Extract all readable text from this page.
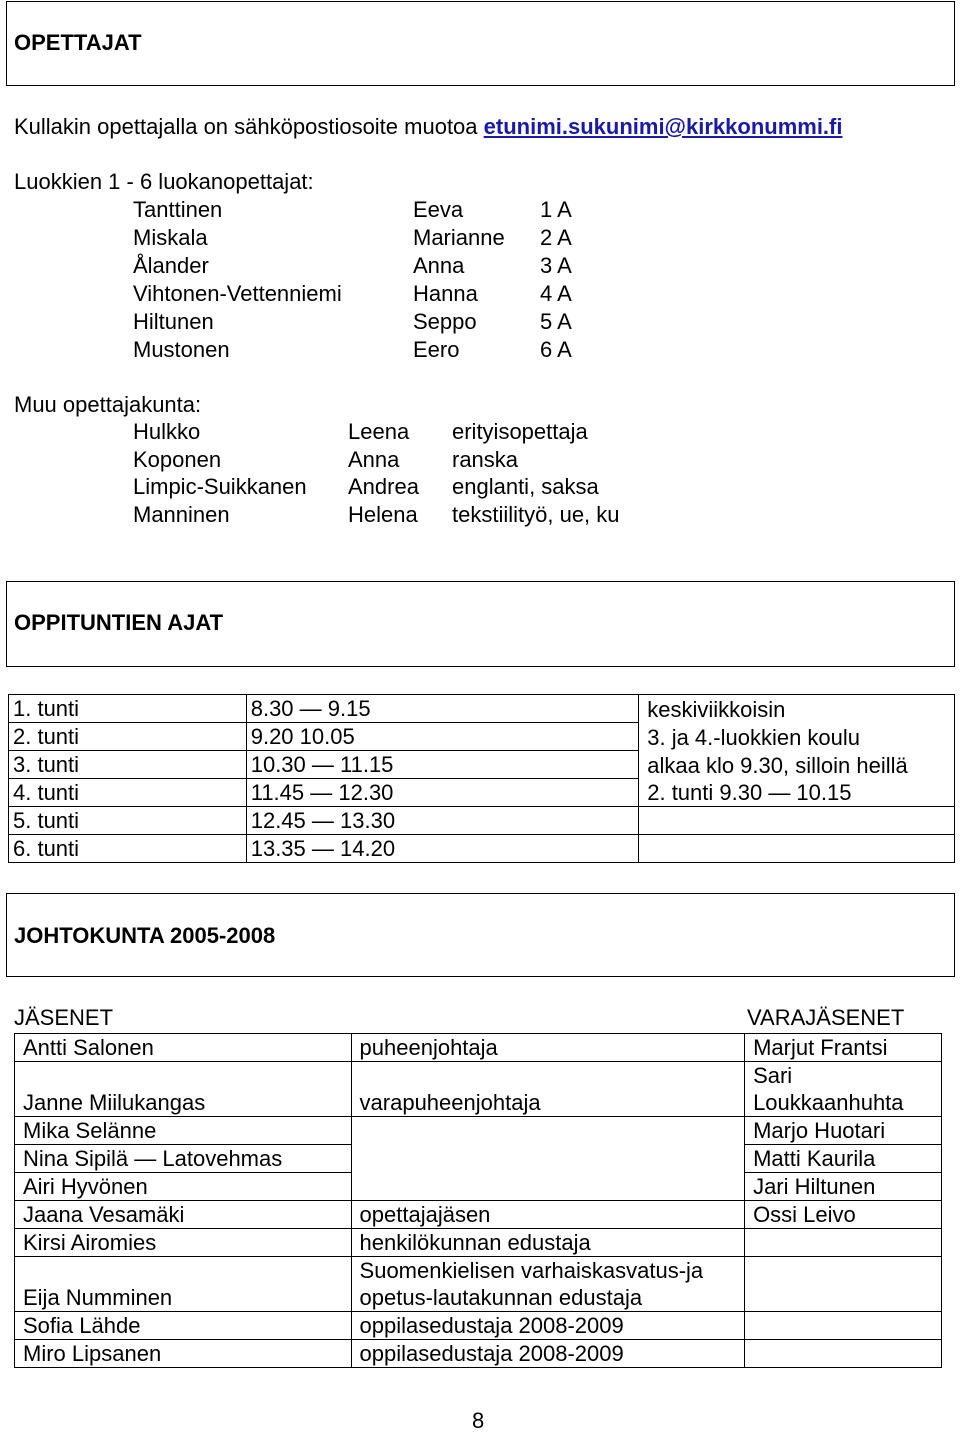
OPETTAJAT
Kullakin opettajalla on sähköpostiosoite muotoa etunimi.sukunimi@kirkkonummi.fi
Luokkien 1 - 6 luokanopettajat:
Tanttinen	Eeva	1 A
Miskala	Marianne 2 A
Ålander	Anna	3 A
Vihtonen-Vettenniemi	Hanna	4 A
Hiltunen	Seppo	5 A
Mustonen	Eero	6 A
Muu opettajakunta:
Hulkko	Leena erityisopettaja
Koponen	Anna ranska
Limpic-Suikkanen Andrea englanti, saksa
Manninen	Helena tekstiilityö, ue, ku
OPPITUNTIEN AJAT
1. tunti	8.30 — 9.15	keskiviikkoisin
2. tunti	9.20 10.05	3. ja 4.-luokkien koulu
3. tunti	10.30 — 11.15	alkaa klo 9.30, silloin heillä
4. tunti	11.45 — 12.30	2. tunti 9.30 — 10.15
5. tunti	12.45 — 13.30	
6. tunti	13.35 — 14.20	
JOHTOKUNTA 2005-2008
JÄSENET	VARAJÄSENET
Antti Salonen	puheenjohtaja	Marjut Frantsi
Janne Miilukangas	varapuheenjohtaja	Sari Loukkaanhuhta
Mika Selänne		Marjo Huotari
Nina Sipilä — Latovehmas		Matti Kaurila
Airi Hyvönen		Jari Hiltunen
Jaana Vesamäki	opettajajäsen	Ossi Leivo
Kirsi Airomies	henkilökunnan edustaja	
Eija Numminen	Suomenkielisen varhaiskasvatus-ja opetus-lautakunnan edustaja	
Sofia Lähde	oppilasedustaja 2008-2009	
Miro Lipsanen	oppilasedustaja 2008-2009	
8
